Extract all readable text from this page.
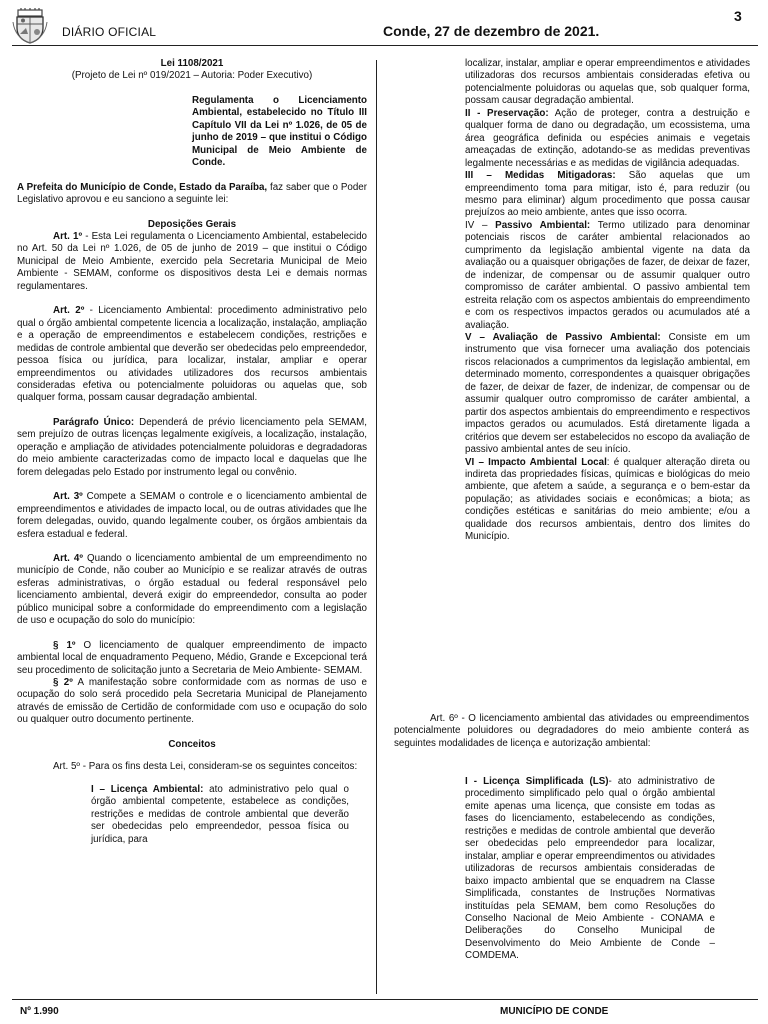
DIÁRIO OFICIAL	Conde, 27 de dezembro de 2021.
3

Lei 1108/2021

(Projeto de Lei nº 019/2021 – Autoria: Poder Executivo)

Regulamenta o Licenciamento Ambiental, estabelecido no Título III Capítulo VII da Lei nº 1.026, de 05 de junho de 2019 – que institui o Código Municipal de Meio Ambiente de Conde.

A Prefeita do Município de Conde, Estado da Paraíba, faz saber que o Poder Legislativo aprovou e eu sanciono a seguinte lei:

Deposições Gerais

Art. 1º - Esta Lei regulamenta o Licenciamento Ambiental, estabelecido no Art. 50 da Lei nº 1.026, de 05 de junho de 2019 – que institui o Código Municipal de Meio Ambiente, exercido pela Secretaria Municipal de Meio Ambiente - SEMAM, conforme os dispositivos desta Lei e demais normas regulamentares.

Art. 2º - Licenciamento Ambiental: procedimento administrativo pelo qual o órgão ambiental competente licencia a localização, instalação, ampliação e a operação de empreendimentos e estabelecem condições, restrições e medidas de controle ambiental que deverão ser obedecidas pelo empreendedor, pessoa física ou jurídica, para localizar, instalar, ampliar e operar empreendimentos ou atividades utilizadores dos recursos ambientais consideradas efetiva ou potencialmente poluidoras ou aquelas que, sob qualquer forma, possam causar degradação ambiental.

Parágrafo Único: Dependerá de prévio licenciamento pela SEMAM, sem prejuízo de outras licenças legalmente exigíveis, a localização, instalação, operação e ampliação de atividades potencialmente poluidoras e degradadoras do meio ambiente caracterizadas como de impacto local e daquelas que lhe forem delegadas pelo Estado por instrumento legal ou convênio.

Art. 3º Compete a SEMAM o controle e o licenciamento ambiental de empreendimentos e atividades de impacto local, ou de outras atividades que lhe forem delegadas, ouvido, quando legalmente couber, os órgãos ambientais da esfera estadual e federal.

Art. 4º Quando o licenciamento ambiental de um empreendimento no município de Conde, não couber ao Município e se realizar através de outras esferas administrativas, o órgão estadual ou federal responsável pelo licenciamento ambiental, deverá exigir do empreendedor, consulta ao poder público municipal sobre a conformidade do empreendimento com a legislação de uso e ocupação do solo do município:

§ 1º O licenciamento de qualquer empreendimento de impacto ambiental local de enquadramento Pequeno, Médio, Grande e Excepcional terá seu procedimento de solicitação junto a Secretaria de Meio Ambiente- SEMAM.

§ 2º A manifestação sobre conformidade com as normas de uso e ocupação do solo será procedido pela Secretaria Municipal de Planejamento através de emissão de Certidão de conformidade com uso e ocupação do solo ou qualquer outro documento pertinente.

Conceitos

Art. 5º - Para os fins desta Lei, consideram-se os seguintes conceitos:

I – Licença Ambiental: ato administrativo pelo qual o órgão ambiental competente, estabelece as condições, restrições e medidas de controle ambiental que deverão ser obedecidas pelo empreendedor, pessoa física ou jurídica, para

localizar, instalar, ampliar e operar empreendimentos e atividades utilizadoras dos recursos ambientais consideradas efetiva ou potencialmente poluidoras ou aquelas que, sob qualquer forma, possam causar degradação ambiental.

II - Preservação: Ação de proteger, contra a destruição e qualquer forma de dano ou degradação, um ecossistema, uma área geográfica definida ou espécies animais e vegetais ameaçadas de extinção, adotando-se as medidas preventivas legalmente necessárias e as medidas de vigilância adequadas.

III – Medidas Mitigadoras: São aquelas que um empreendimento toma para mitigar, isto é, para reduzir (ou mesmo para eliminar) algum procedimento que possa causar prejuízos ao meio ambiente, antes que isso ocorra.

IV – Passivo Ambiental: Termo utilizado para denominar potenciais riscos de caráter ambiental relacionados ao cumprimento da legislação ambiental vigente na data da avaliação ou a quaisquer obrigações de fazer, de deixar de fazer, de indenizar, de compensar ou de assumir qualquer outro compromisso de caráter ambiental. O passivo ambiental tem estreita relação com os aspectos ambientais do empreendimento e com os respectivos impactos gerados ou acumulados até a avaliação.

V – Avaliação de Passivo Ambiental: Consiste em um instrumento que visa fornecer uma avaliação dos potenciais riscos relacionados a cumprimentos da legislação ambiental, em determinado momento, correspondentes a quaisquer obrigações de fazer, de deixar de fazer, de indenizar, de compensar ou de assumir qualquer outro compromisso de caráter ambiental, a partir dos aspectos ambientais do empreendimento e respectivos impactos gerados ou acumulados. Está diretamente ligada a critérios que devem ser estabelecidos no escopo da avaliação de passivo ambiental antes de seu início.

VI – Impacto Ambiental Local: é qualquer alteração direta ou indireta das propriedades físicas, químicas e biológicas do meio ambiente, que afetem a saúde, a segurança e o bem-estar da população; as atividades sociais e econômicas; a biota; as condições estéticas e sanitárias do meio ambiente; e/ou a qualidade dos recursos ambientais, dentro dos limites do Município.

Art. 6º - O licenciamento ambiental das atividades ou empreendimentos potencialmente poluidores ou degradadores do meio ambiente conterá as seguintes modalidades de licença e autorização ambiental:

I - Licença Simplificada (LS)- ato administrativo de procedimento simplificado pelo qual o órgão ambiental emite apenas uma licença, que consiste em todas as fases do licenciamento, estabelecendo as condições, restrições e medidas de controle ambiental que deverão ser obedecidas pelo empreendedor para localizar, instalar, ampliar e operar empreendimentos ou atividades utilizadoras de recursos ambientais consideradas de baixo impacto ambiental que se enquadrem na Classe Simplificada, constantes de Instruções Normativas instituídas pela SEMAM, bem como Resoluções do Conselho Nacional de Meio Ambiente - CONAMA e Deliberações do Conselho Municipal de Desenvolvimento do Meio Ambiente de Conde – COMDEMA.

Nº 1.990	MUNICÍPIO DE CONDE
